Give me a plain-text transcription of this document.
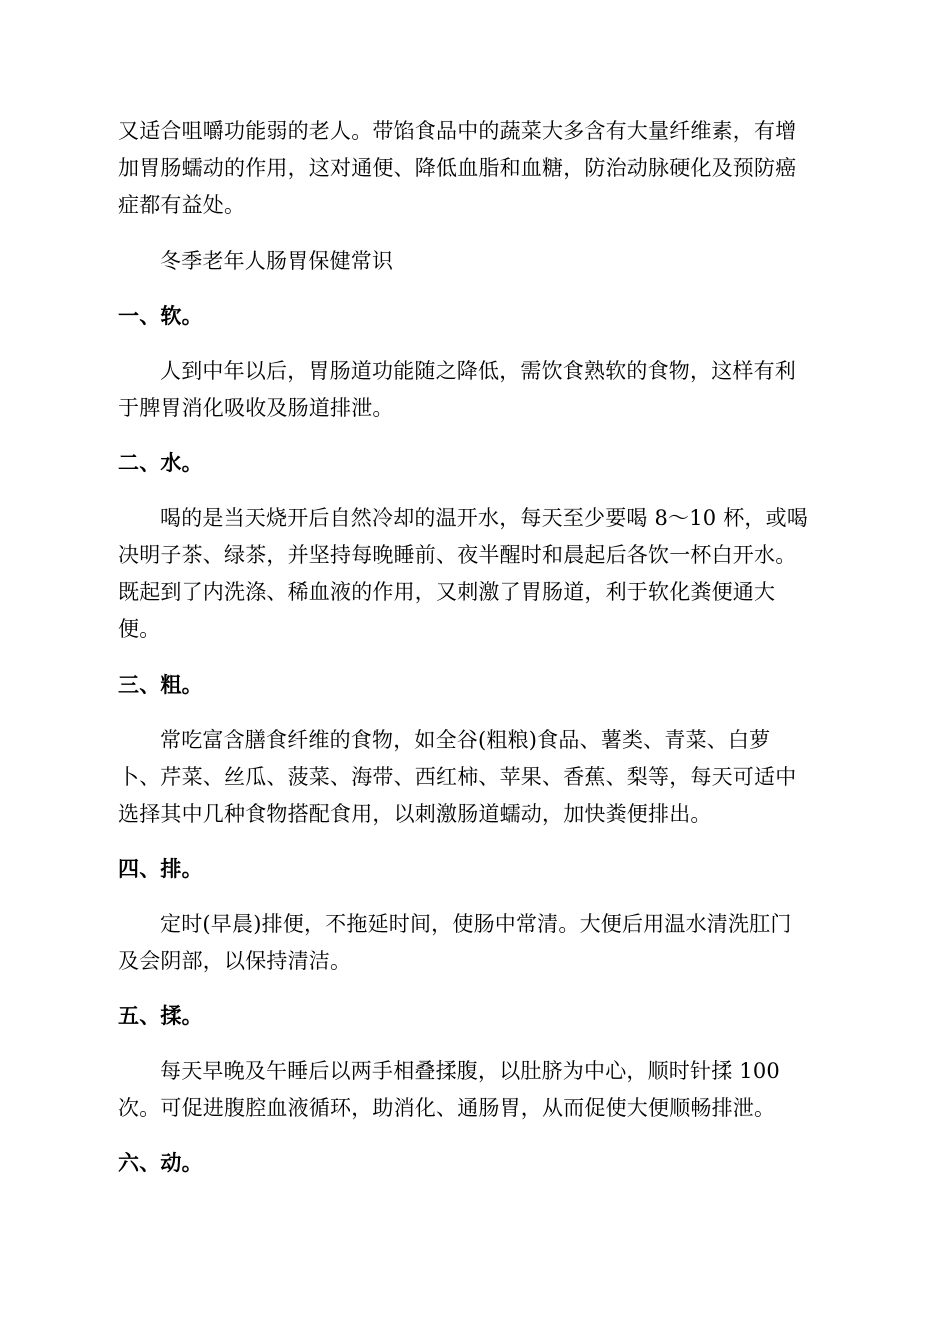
又适合咀嚼功能弱的老人。带馅食品中的蔬菜大多含有大量纤维素，有增
加胃肠蠕动的作用，这对通便、降低血脂和血糖，防治动脉硬化及预防癌
症都有益处。
冬季老年人肠胃保健常识
一、软。
人到中年以后，胃肠道功能随之降低，需饮食熟软的食物，这样有利
于脾胃消化吸收及肠道排泄。
二、水。
喝的是当天烧开后自然冷却的温开水，每天至少要喝 8～10 杯，或喝
决明子茶、绿茶，并坚持每晚睡前、夜半醒时和晨起后各饮一杯白开水。
既起到了内洗涤、稀血液的作用，又刺激了胃肠道，利于软化粪便通大
便。
三、粗。
常吃富含膳食纤维的食物，如全谷(粗粮)食品、薯类、青菜、白萝
卜、芹菜、丝瓜、菠菜、海带、西红柿、苹果、香蕉、梨等，每天可适中
选择其中几种食物搭配食用，以刺激肠道蠕动，加快粪便排出。
四、排。
定时(早晨)排便，不拖延时间，使肠中常清。大便后用温水清洗肛门
及会阴部，以保持清洁。
五、揉。
每天早晚及午睡后以两手相叠揉腹，以肚脐为中心，顺时针揉 100
次。可促进腹腔血液循环，助消化、通肠胃，从而促使大便顺畅排泄。
六、动。
